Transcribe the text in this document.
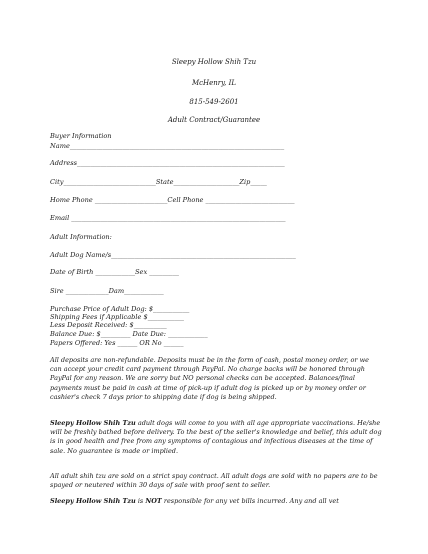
Sleepy Hollow Shih Tzu
McHenry, IL
815-549-2601
Adult Contract/Guarantee
Buyer Information
Name_________________________________________________________________
Address_______________________________________________________________
City____________________________State____________________Zip_____
Home Phone ______________________Cell Phone ___________________________
Email _________________________________________________________________
Adult Information:
Adult Dog Name/s________________________________________________________
Date of Birth ____________Sex _________
Sire _____________Dam____________
Purchase Price of Adult Dog: $___________
Shipping Fees if Applicable $___________
Less Deposit Received: $__________
Balance Due: $_________ Date Due: ____________
Papers Offered: Yes ______ OR No ______
All deposits are non-refundable. Deposits must be in the form of cash, postal money order, or we can accept your credit card payment through PayPal. No charge backs will be honored through PayPal for any reason. We are sorry but NO personal checks can be accepted. Balances/final payments must be paid in cash at time of pick-up if adult dog is picked up or by money order or cashier's check 7 days prior to shipping date if dog is being shipped.
Sleepy Hollow Shih Tzu adult dogs will come to you with all age appropriate vaccinations. He/she will be freshly bathed before delivery. To the best of the seller's knowledge and belief, this adult dog is in good health and free from any symptoms of contagious and infectious diseases at the time of sale. No guarantee is made or implied.
All adult shih tzu are sold on a strict spay contract. All adult dogs are sold with no papers are to be spayed or neutered within 30 days of sale with proof sent to seller.
Sleepy Hollow Shih Tzu is NOT responsible for any vet bills incurred. Any and all vet
